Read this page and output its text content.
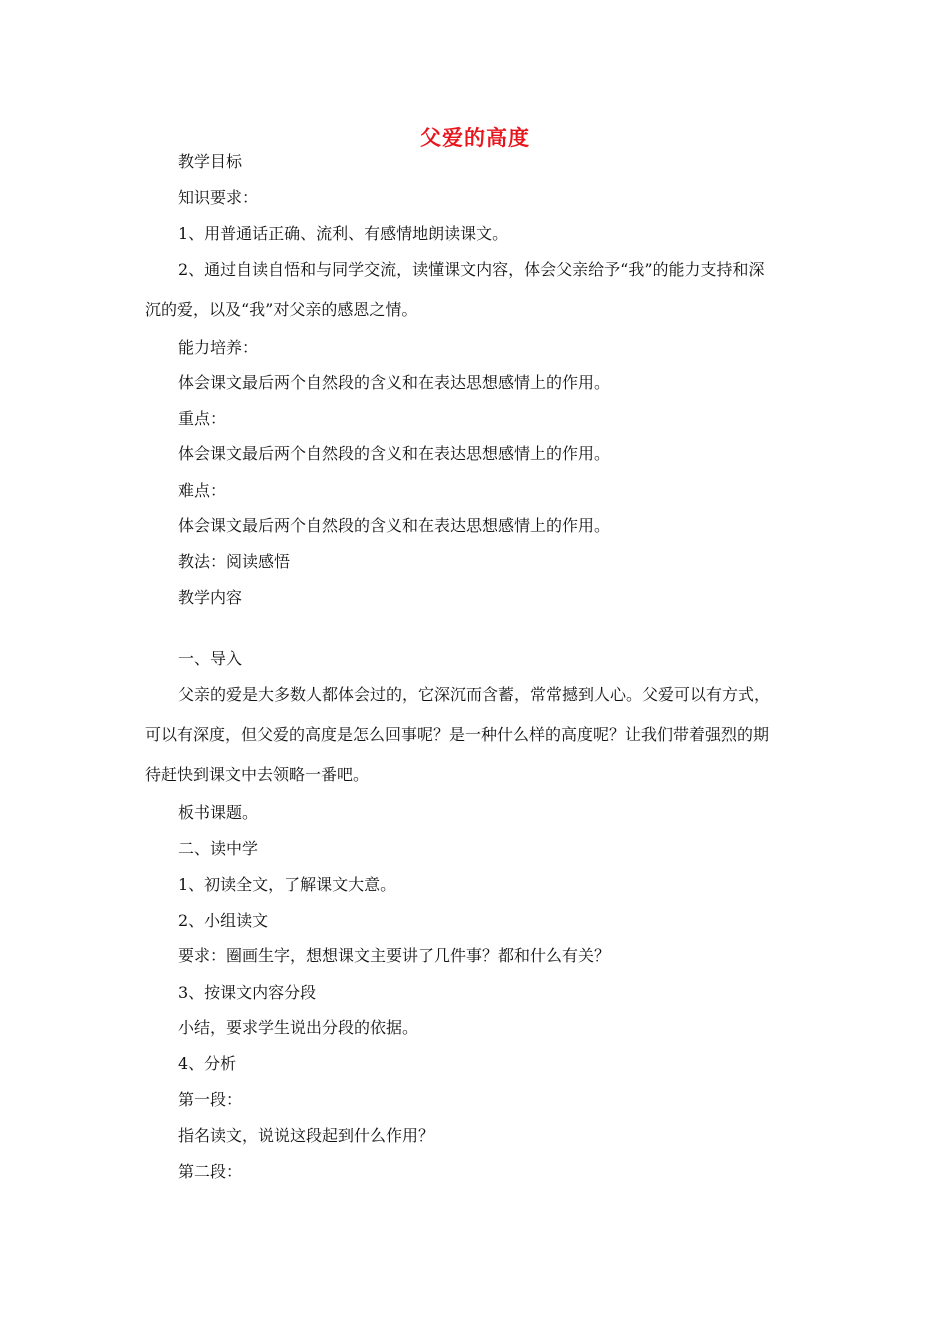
父爱的高度
教学目标
知识要求：
1、用普通话正确、流利、有感情地朗读课文。
2、通过自读自悟和与同学交流，读懂课文内容，体会父亲给予“我”的能力支持和深
沉的爱，以及“我”对父亲的感恩之情。
能力培养：
体会课文最后两个自然段的含义和在表达思想感情上的作用。
重点：
体会课文最后两个自然段的含义和在表达思想感情上的作用。
难点：
体会课文最后两个自然段的含义和在表达思想感情上的作用。
教法：阅读感悟
教学内容
一、导入
父亲的爱是大多数人都体会过的，它深沉而含蓄，常常撼到人心。父爱可以有方式，
可以有深度，但父爱的高度是怎么回事呢？是一种什么样的高度呢？让我们带着强烈的期
待赶快到课文中去领略一番吧。
板书课题。
二、读中学
1、初读全文，了解课文大意。
2、小组读文
要求：圈画生字，想想课文主要讲了几件事？都和什么有关？
3、按课文内容分段
小结，要求学生说出分段的依据。
4、分析
第一段：
指名读文，说说这段起到什么作用？
第二段：
